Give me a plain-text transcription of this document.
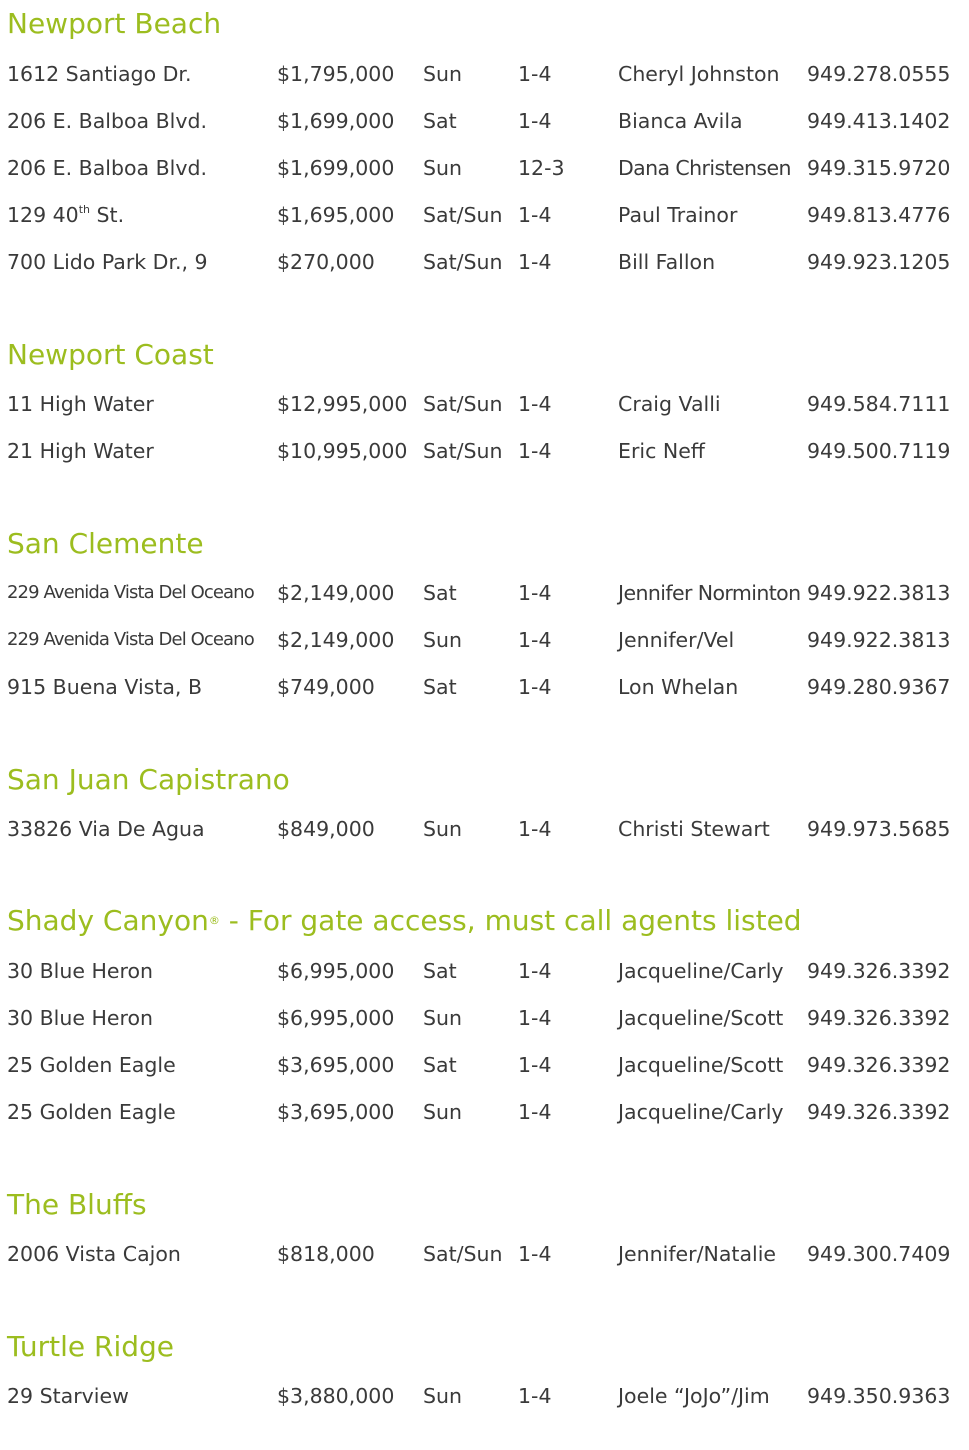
Newport Beach
1612 Santiago Dr.	$1,795,000 Sun	1-4	Cheryl Johnston 949.278.0555
206 E. Balboa Blvd.	$1,699,000 Sat	1-4	Bianca Avila	949.413.1402
206 E. Balboa Blvd.	$1,699,000 Sun	12-3	Dana Christensen 949.315.9720
129 40th St.	$1,695,000 Sat/Sun 1-4	Paul Trainor	949.813.4776
700 Lido Park Dr., 9	$270,000 Sat/Sun 1-4	Bill Fallon	949.923.1205
Newport Coast
11 High Water	$12,995,000 Sat/Sun 1-4	Craig Valli	949.584.7111
21 High Water	$10,995,000 Sat/Sun 1-4	Eric Neff	949.500.7119
San Clemente
229 Avenida Vista Del Oceano $2,149,000 Sat	1-4	Jennifer Norminton 949.922.3813
229 Avenida Vista Del Oceano $2,149,000 Sun	1-4	Jennifer/Vel	949.922.3813
915 Buena Vista, B	$749,000 Sat	1-4	Lon Whelan	949.280.9367
San Juan Capistrano
33826 Via De Agua	$849,000 Sun	1-4	Christi Stewart 949.973.5685
Shady Canyon® - For gate access, must call agents listed
30 Blue Heron	$6,995,000 Sat	1-4	Jacqueline/Carly 949.326.3392
30 Blue Heron	$6,995,000 Sun	1-4	Jacqueline/Scott 949.326.3392
25 Golden Eagle	$3,695,000 Sat	1-4	Jacqueline/Scott 949.326.3392
25 Golden Eagle	$3,695,000 Sun	1-4	Jacqueline/Carly 949.326.3392
The Bluffs
2006 Vista Cajon	$818,000 Sat/Sun 1-4	Jennifer/Natalie 949.300.7409
Turtle Ridge
29 Starview	$3,880,000 Sun	1-4	Joele “JoJo”/Jim 949.350.9363
